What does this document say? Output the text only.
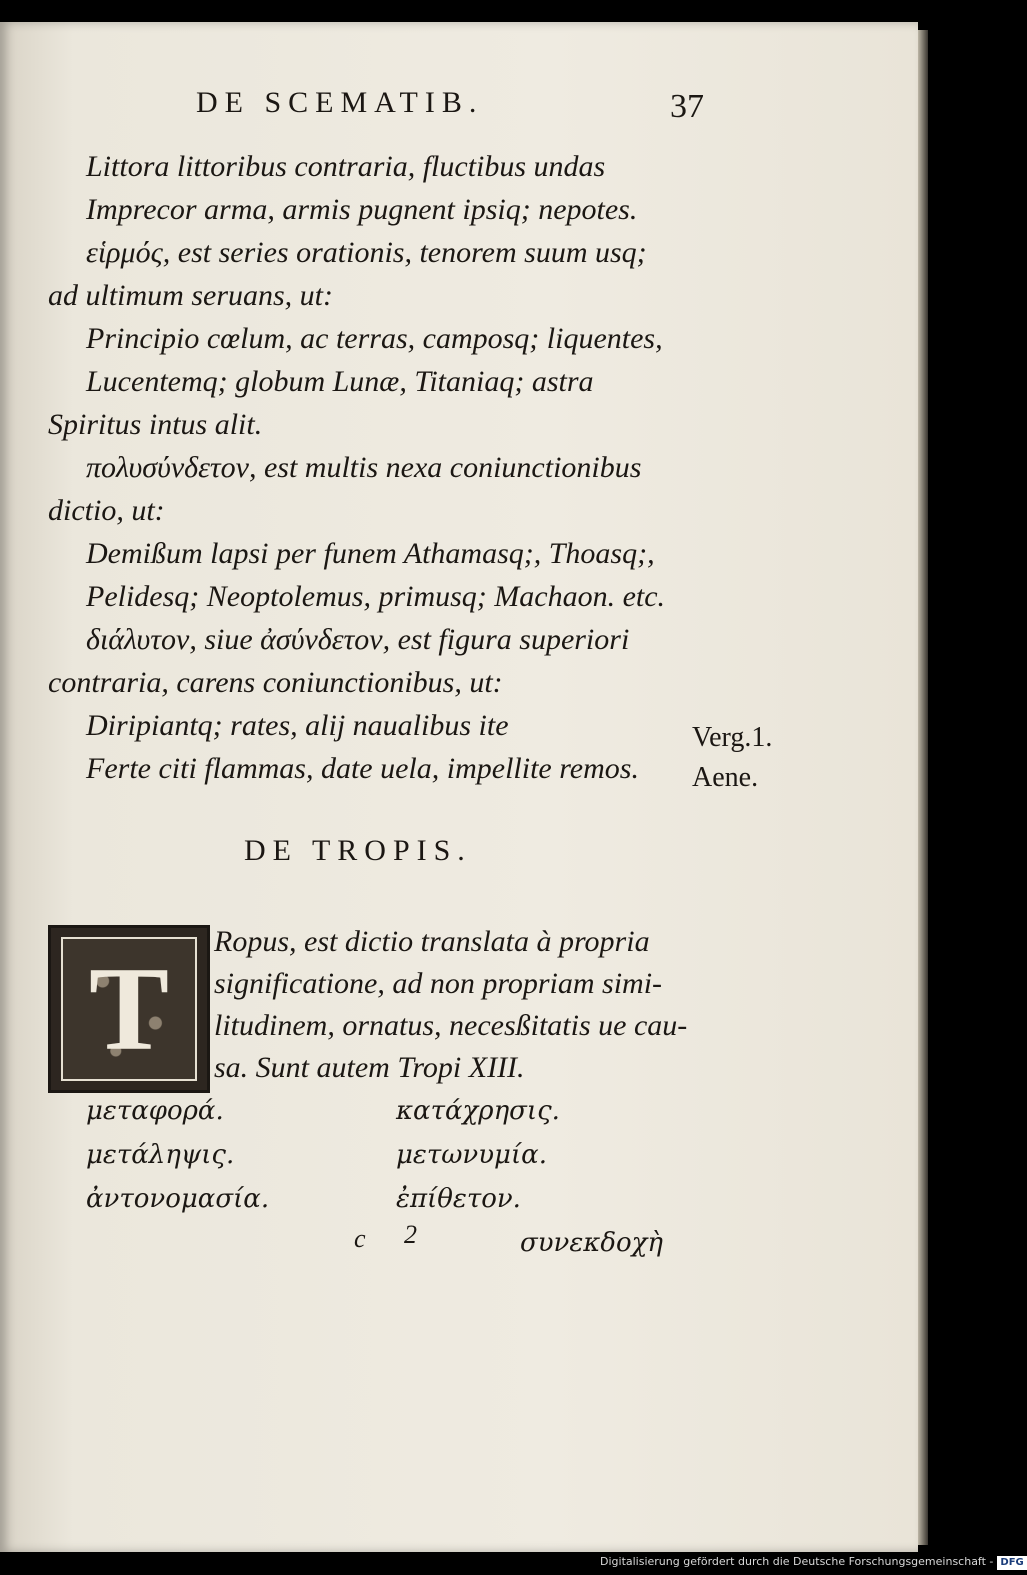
DE SCEMATIB.	37
Littora littoribus contraria, fluctibus undas
Imprecor arma, armis pugnent ipsiq; nepotes.
εἱρμός, est series orationis, tenorem suum usq;
ad ultimum seruans, ut:
Principio cœlum, ac terras, camposq; liquentes,
Lucentemq; globum Lunæ, Titaniaq; astra
Spiritus intus alit.
πολυσύνδετον, est multis nexa coniunctionibus
dictio, ut:
Demißum lapsi per funem Athamasq;, Thoasq;,
Pelidesq; Neoptolemus, primusq; Machaon. etc.
διάλυτον, siue ἀσύνδετον, est figura superiori
contraria, carens coniunctionibus, ut:
Diripiantq; rates, alij naualibus ite
Ferte citi flammas, date uela, impellite remos.
Verg.1.
Aene.
DE TROPIS.
T
Ropus, est dictio translata à propria
significatione, ad non propriam simi-
litudinem, ornatus, necesßitatis ue cau-
sa. Sunt autem Tropi XIII.
μεταφορά.	κατάχρησις.
μετάληψις.	μετωνυμία.
ἀντονομασία.	ἐπίθετον.
c 2	συνεκδοχὴ
Digitalisierung gefördert durch die Deutsche Forschungsgemeinschaft - DFG
